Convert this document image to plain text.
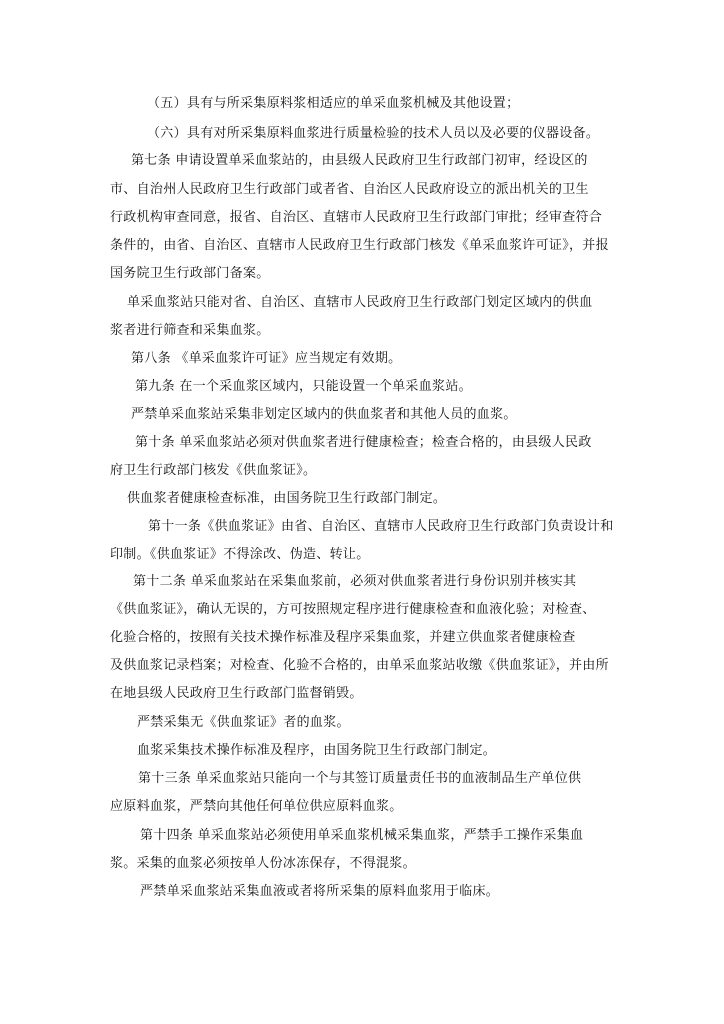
（五）具有与所采集原料浆相适应的单采血浆机械及其他设置；
（六）具有对所采集原料血浆进行质量检验的技术人员以及必要的仪器设备。
第七条 申请设置单采血浆站的，由县级人民政府卫生行政部门初审，经设区的
市、自治州人民政府卫生行政部门或者省、自治区人民政府设立的派出机关的卫生
行政机构审查同意，报省、自治区、直辖市人民政府卫生行政部门审批；经审查符合
条件的，由省、自治区、直辖市人民政府卫生行政部门核发《单采血浆许可证》，并报
国务院卫生行政部门备案。
单采血浆站只能对省、自治区、直辖市人民政府卫生行政部门划定区域内的供血
浆者进行筛查和采集血浆。
第八条 《单采血浆许可证》应当规定有效期。
第九条 在一个采血浆区域内，只能设置一个单采血浆站。
严禁单采血浆站采集非划定区域内的供血浆者和其他人员的血浆。
第十条 单采血浆站必须对供血浆者进行健康检查；检查合格的，由县级人民政
府卫生行政部门核发《供血浆证》。
供血浆者健康检查标准，由国务院卫生行政部门制定。
第十一条《供血浆证》由省、自治区、直辖市人民政府卫生行政部门负责设计和
印制。《供血浆证》不得涂改、伪造、转让。
第十二条 单采血浆站在采集血浆前，必须对供血浆者进行身份识别并核实其
《供血浆证》，确认无误的，方可按照规定程序进行健康检查和血液化验；对检查、
化验合格的，按照有关技术操作标准及程序采集血浆，并建立供血浆者健康检查
及供血浆记录档案；对检查、化验不合格的，由单采血浆站收缴《供血浆证》，并由所
在地县级人民政府卫生行政部门监督销毁。
严禁采集无《供血浆证》者的血浆。
血浆采集技术操作标准及程序，由国务院卫生行政部门制定。
第十三条 单采血浆站只能向一个与其签订质量责任书的血液制品生产单位供
应原料血浆，严禁向其他任何单位供应原料血浆。
第十四条 单采血浆站必须使用单采血浆机械采集血浆，严禁手工操作采集血
浆。采集的血浆必须按单人份冰冻保存，不得混浆。
严禁单采血浆站采集血液或者将所采集的原料血浆用于临床。
